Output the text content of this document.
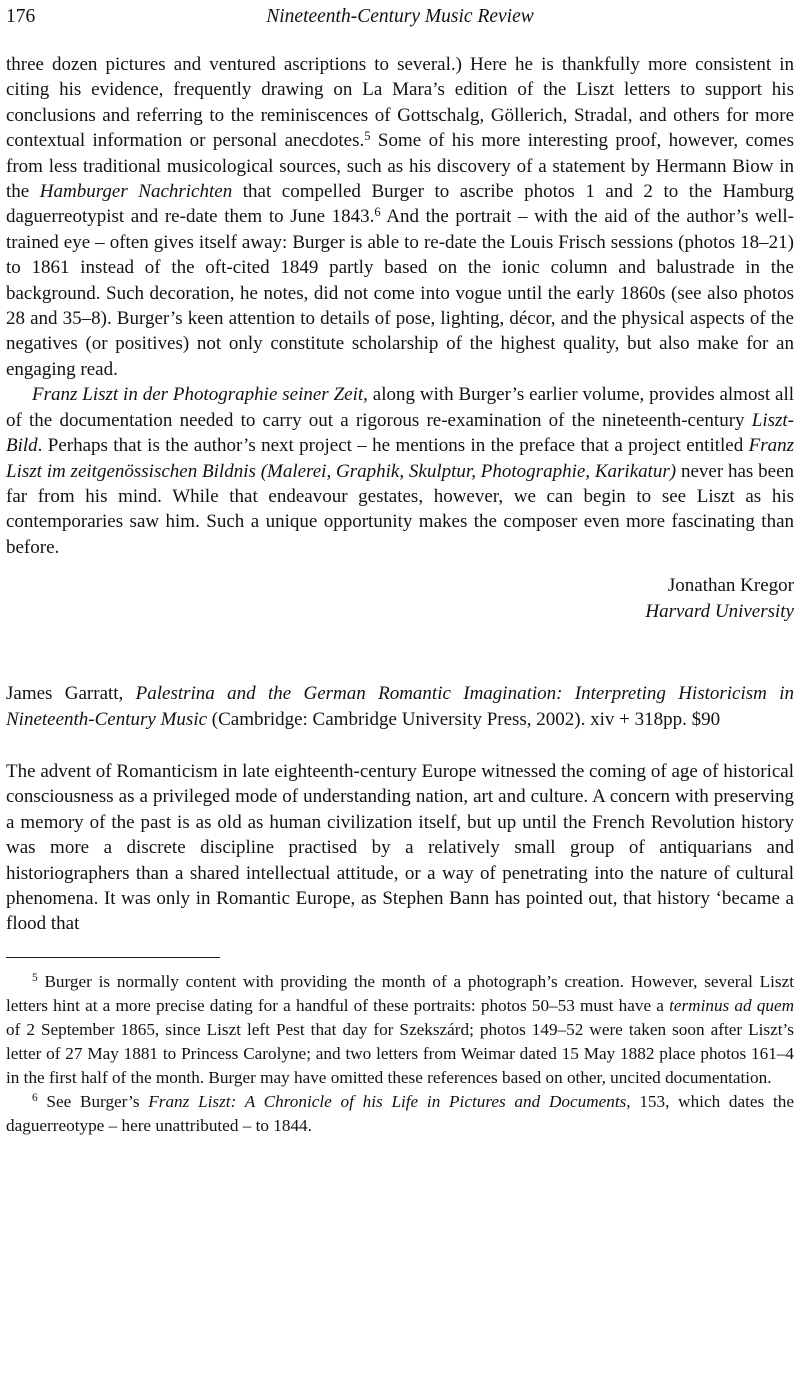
176	Nineteenth-Century Music Review

three dozen pictures and ventured ascriptions to several.) Here he is thankfully more consistent in citing his evidence, frequently drawing on La Mara’s edition of the Liszt letters to support his conclusions and referring to the reminiscences of Gottschalg, Göllerich, Stradal, and others for more contextual information or personal anecdotes.$^5$ Some of his more interesting proof, however, comes from less traditional musicological sources, such as his discovery of a statement by Hermann Biow in the Hamburger Nachrichten that compelled Burger to ascribe photos 1 and 2 to the Hamburg daguerreotypist and re-date them to June 1843.$^6$ And the portrait – with the aid of the author’s well-trained eye – often gives itself away: Burger is able to re-date the Louis Frisch sessions (photos 18–21) to 1861 instead of the oft-cited 1849 partly based on the ionic column and balustrade in the background. Such decoration, he notes, did not come into vogue until the early 1860s (see also photos 28 and 35–8). Burger’s keen attention to details of pose, lighting, décor, and the physical aspects of the negatives (or positives) not only constitute scholarship of the highest quality, but also make for an engaging read.

Franz Liszt in der Photographie seiner Zeit, along with Burger’s earlier volume, provides almost all of the documentation needed to carry out a rigorous re-examination of the nineteenth-century Liszt-Bild. Perhaps that is the author’s next project – he mentions in the preface that a project entitled Franz Liszt im zeitgenössischen Bildnis (Malerei, Graphik, Skulptur, Photographie, Karikatur) never has been far from his mind. While that endeavour gestates, however, we can begin to see Liszt as his contemporaries saw him. Such a unique opportunity makes the composer even more fascinating than before.

Jonathan Kregor
Harvard University

James Garratt, Palestrina and the German Romantic Imagination: Interpreting Historicism in Nineteenth-Century Music (Cambridge: Cambridge University Press, 2002). xiv + 318pp. $90

The advent of Romanticism in late eighteenth-century Europe witnessed the coming of age of historical consciousness as a privileged mode of understanding nation, art and culture. A concern with preserving a memory of the past is as old as human civilization itself, but up until the French Revolution history was more a discrete discipline practised by a relatively small group of antiquarians and historiographers than a shared intellectual attitude, or a way of penetrating into the nature of cultural phenomena. It was only in Romantic Europe, as Stephen Bann has pointed out, that history ‘became a flood that

$^5$ Burger is normally content with providing the month of a photograph’s creation. However, several Liszt letters hint at a more precise dating for a handful of these portraits: photos 50–53 must have a terminus ad quem of 2 September 1865, since Liszt left Pest that day for Szekszárd; photos 149–52 were taken soon after Liszt’s letter of 27 May 1881 to Princess Carolyne; and two letters from Weimar dated 15 May 1882 place photos 161–4 in the first half of the month. Burger may have omitted these references based on other, uncited documentation.

$^6$ See Burger’s Franz Liszt: A Chronicle of his Life in Pictures and Documents, 153, which dates the daguerreotype – here unattributed – to 1844.
